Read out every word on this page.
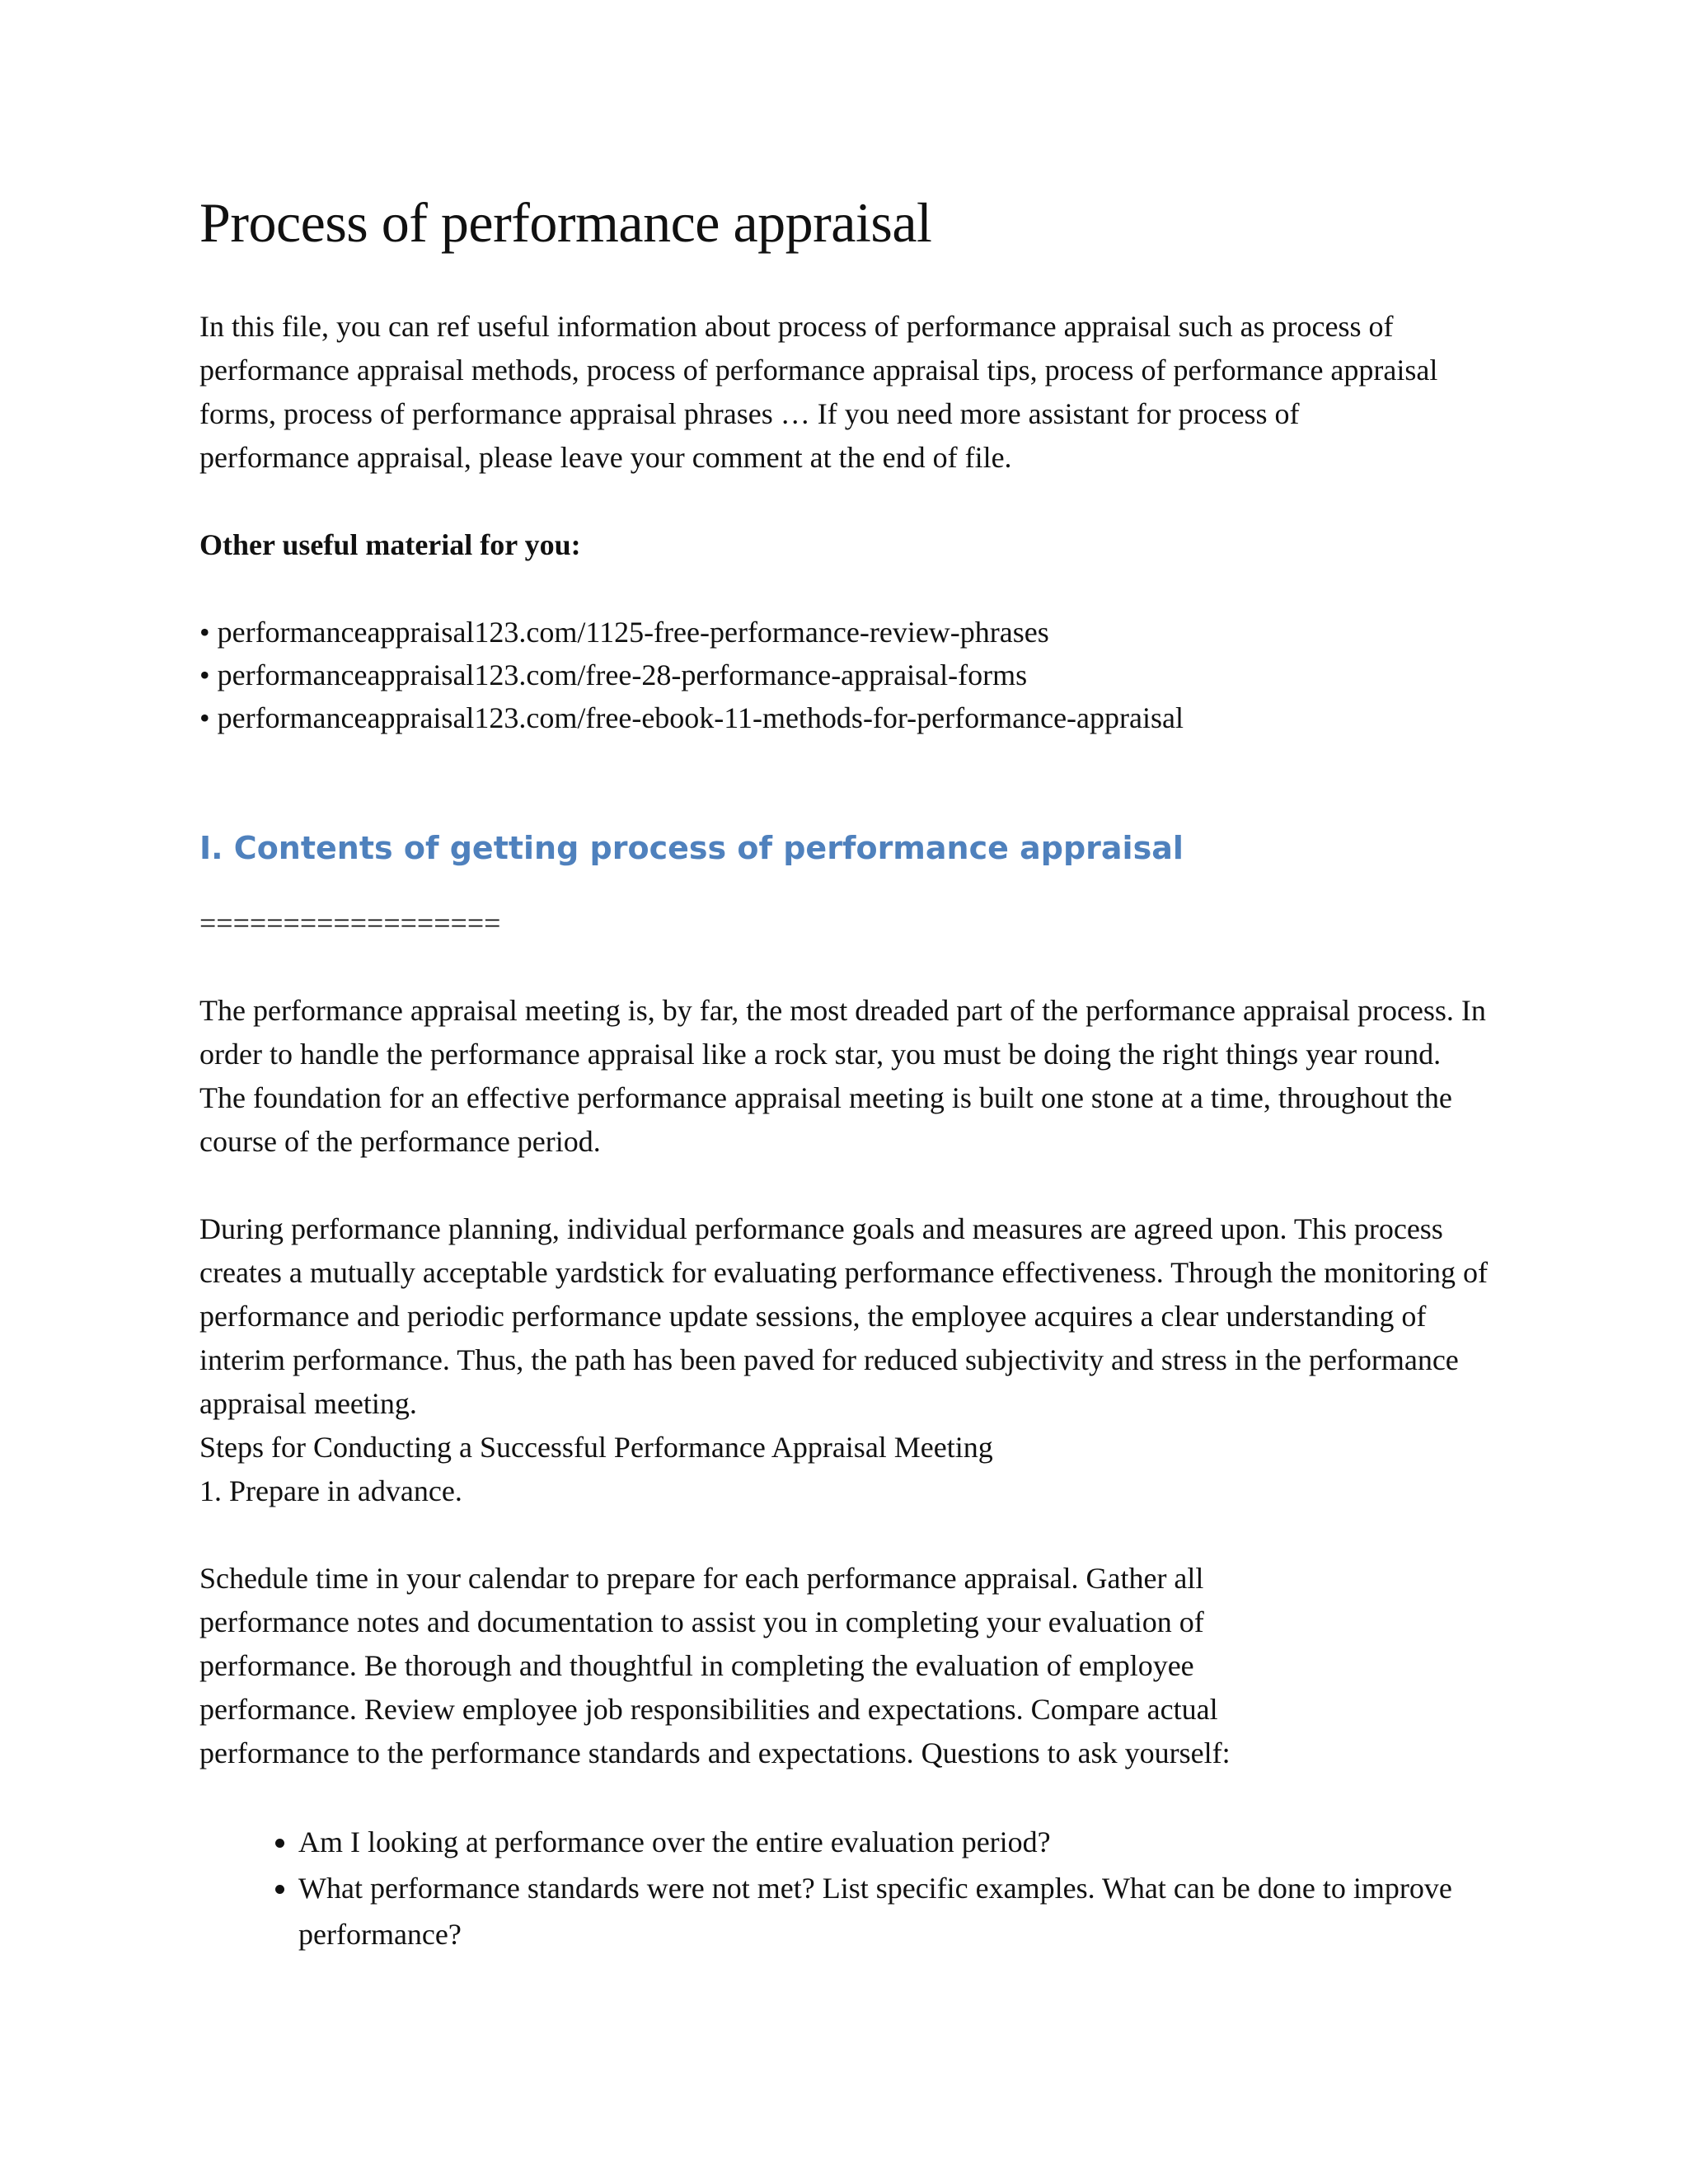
Process of performance appraisal

In this file, you can ref useful information about process of performance appraisal such as process of performance appraisal methods, process of performance appraisal tips, process of performance appraisal forms, process of performance appraisal phrases … If you need more assistant for process of performance appraisal, please leave your comment at the end of file.

Other useful material for you:

• performanceappraisal123.com/1125-free-performance-review-phrases
• performanceappraisal123.com/free-28-performance-appraisal-forms
• performanceappraisal123.com/free-ebook-11-methods-for-performance-appraisal
I. Contents of getting process of performance appraisal
==================

The performance appraisal meeting is, by far, the most dreaded part of the performance appraisal process. In order to handle the performance appraisal like a rock star, you must be doing the right things year round. The foundation for an effective performance appraisal meeting is built one stone at a time, throughout the course of the performance period.

During performance planning, individual performance goals and measures are agreed upon. This process creates a mutually acceptable yardstick for evaluating performance effectiveness. Through the monitoring of performance and periodic performance update sessions, the employee acquires a clear understanding of interim performance. Thus, the path has been paved for reduced subjectivity and stress in the performance appraisal meeting.

Steps for Conducting a Successful Performance Appraisal Meeting

1. Prepare in advance.

Schedule time in your calendar to prepare for each performance appraisal. Gather all performance notes and documentation to assist you in completing your evaluation of performance. Be thorough and thoughtful in completing the evaluation of employee performance. Review employee job responsibilities and expectations. Compare actual performance to the performance standards and expectations. Questions to ask yourself:

• Am I looking at performance over the entire evaluation period?
• What performance standards were not met? List specific examples. What can be done to improve performance?
